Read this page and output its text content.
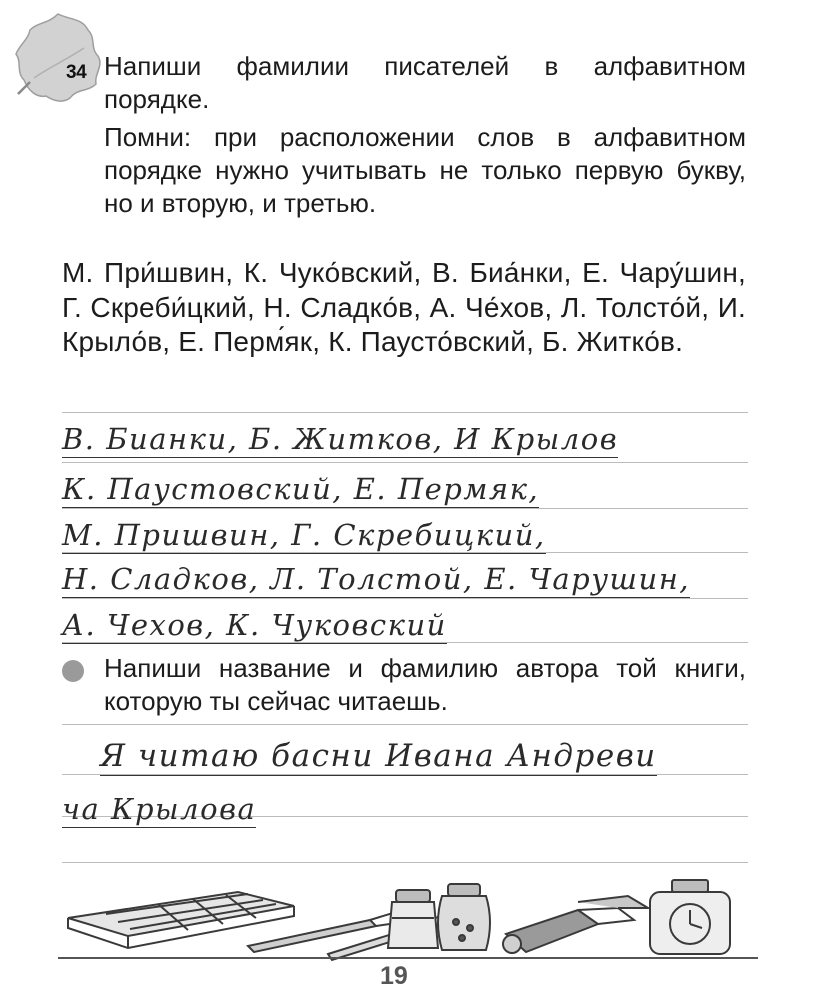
34 Напиши фамилии писателей в алфавитном порядке.

Помни: при расположении слов в алфавитном порядке нужно учитывать не только первую букву, но и вторую, и третью.

М. При́швин, К. Чуко́вский, В. Биа́нки, Е. Чару́шин, Г. Скреби́цкий, Н. Сладко́в, А. Че́хов, Л. Толсто́й, И. Крыло́в, Е. Перм́як, К. Паусто́вский, Б. Житко́в.

В. Бианки, Б. Житков, И Крылов
К. Паустовский, Е. Пермяк,
М. Пришвин, Г. Скребицкий,
Н. Сладков, Л. Толстой, Е. Чарушин,
А. Чехов, К. Чуковский

Напиши название и фамилию автора той книги, которую ты сейчас читаешь.

Я читаю басни Ивана Андреви
ча Крылова
19
